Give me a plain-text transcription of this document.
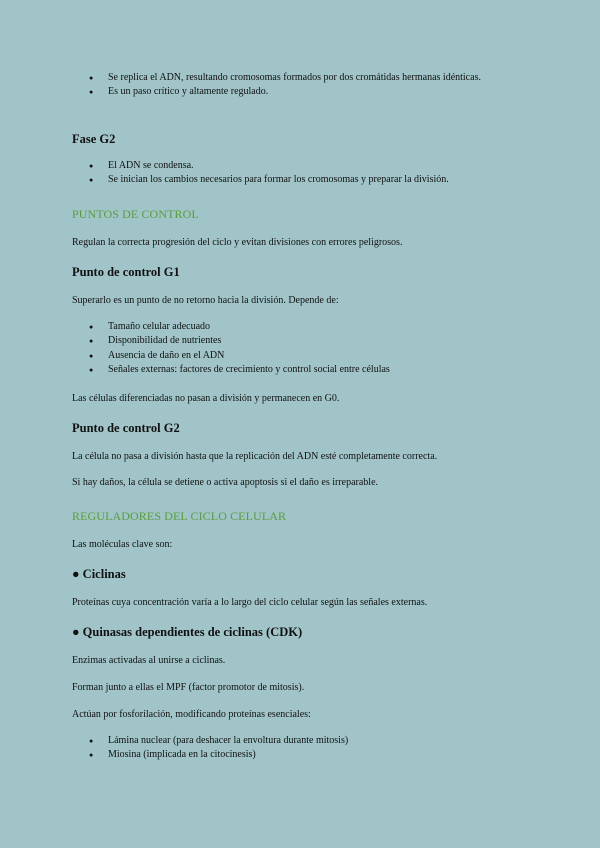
● Se replica el ADN, resultando cromosomas formados por dos cromátidas hermanas idénticas.
● Es un paso crítico y altamente regulado.
Fase G2
● El ADN se condensa.
● Se inician los cambios necesarios para formar los cromosomas y preparar la división.
PUNTOS DE CONTROL

Regulan la correcta progresión del ciclo y evitan divisiones con errores peligrosos.

Punto de control G1

Superarlo es un punto de no retorno hacia la división. Depende de:

● Tamaño celular adecuado
● Disponibilidad de nutrientes
● Ausencia de daño en el ADN
● Señales externas: factores de crecimiento y control social entre células

Las células diferenciadas no pasan a división y permanecen en G0.

Punto de control G2

La célula no pasa a división hasta que la replicación del ADN esté completamente correcta.

Si hay daños, la célula se detiene o activa apoptosis si el daño es irreparable.

REGULADORES DEL CICLO CELULAR

Las moléculas clave son:

● Ciclinas

Proteínas cuya concentración varía a lo largo del ciclo celular según las señales externas.

● Quinasas dependientes de ciclinas (CDK)

Enzimas activadas al unirse a ciclinas.

Forman junto a ellas el MPF (factor promotor de mitosis).

Actúan por fosforilación, modificando proteínas esenciales:

● Lámina nuclear (para deshacer la envoltura durante mitosis)
● Miosina (implicada en la citocinesis)
